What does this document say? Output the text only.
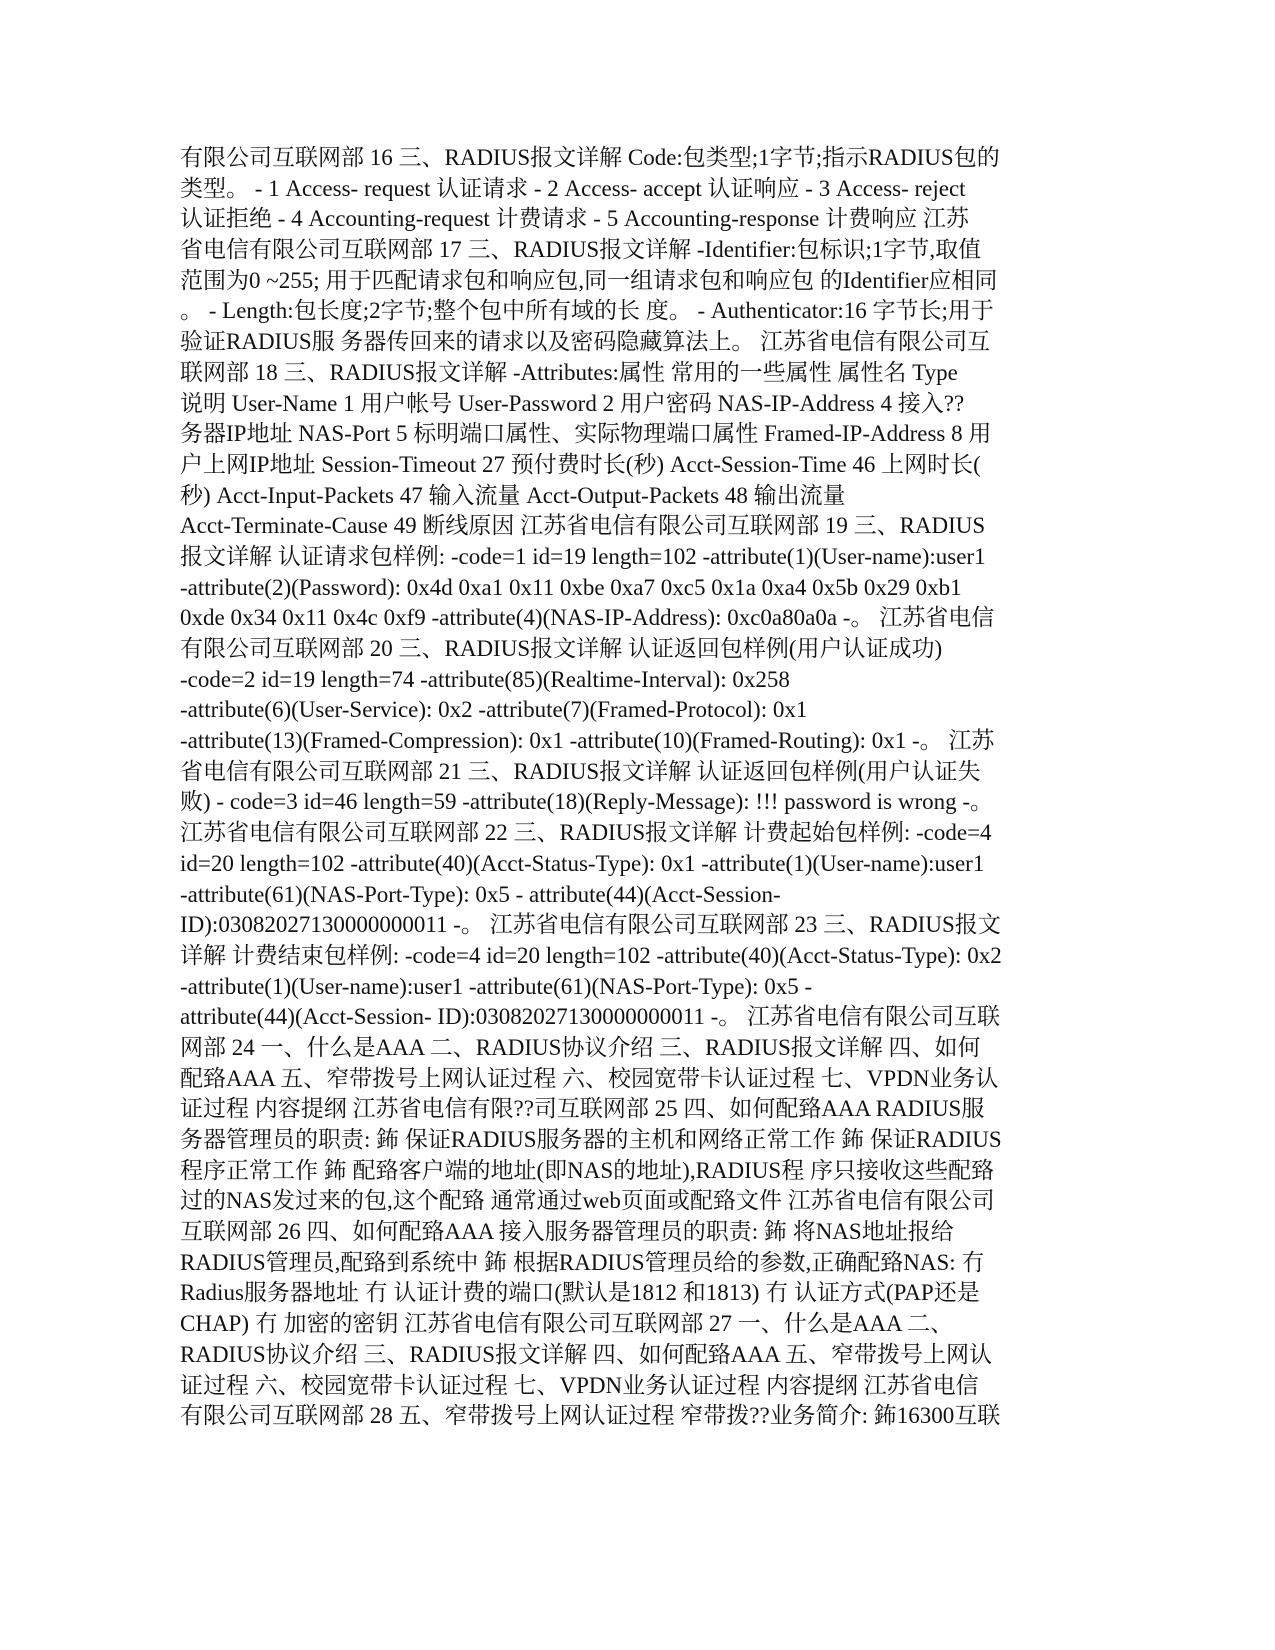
有限公司互联网部 16 三、RADIUS报文详解 Code:包类型;1字节;指示RADIUS包的
类型。 - 1 Access- request 认证请求 - 2 Access- accept 认证响应 - 3 Access- reject
认证拒绝 - 4 Accounting-request 计费请求 - 5 Accounting-response 计费响应 江苏
省电信有限公司互联网部 17 三、RADIUS报文详解 -Identifier:包标识;1字节,取值
范围为0 ~255; 用于匹配请求包和响应包,同一组请求包和响应包 的Identifier应相同
。 - Length:包长度;2字节;整个包中所有域的长 度。 - Authenticator:16 字节长;用于
验证RADIUS服 务器传回来的请求以及密码隐藏算法上。 江苏省电信有限公司互
联网部 18 三、RADIUS报文详解 -Attributes:属性 常用的一些属性 属性名 Type
说明 User-Name 1 用户帐号 User-Password 2 用户密码 NAS-IP-Address 4 接入??
务器IP地址 NAS-Port 5 标明端口属性、实际物理端口属性 Framed-IP-Address 8 用
户上网IP地址 Session-Timeout 27 预付费时长(秒) Acct-Session-Time 46 上网时长(
秒) Acct-Input-Packets 47 输入流量 Acct-Output-Packets 48 输出流量
Acct-Terminate-Cause 49 断线原因 江苏省电信有限公司互联网部 19 三、RADIUS
报文详解 认证请求包样例: -code=1 id=19 length=102 -attribute(1)(User-name):user1
-attribute(2)(Password): 0x4d 0xa1 0x11 0xbe 0xa7 0xc5 0x1a 0xa4 0x5b 0x29 0xb1
0xde 0x34 0x11 0x4c 0xf9 -attribute(4)(NAS-IP-Address): 0xc0a80a0a -。 江苏省电信
有限公司互联网部 20 三、RADIUS报文详解 认证返回包样例(用户认证成功)
-code=2 id=19 length=74 -attribute(85)(Realtime-Interval): 0x258
-attribute(6)(User-Service): 0x2 -attribute(7)(Framed-Protocol): 0x1
-attribute(13)(Framed-Compression): 0x1 -attribute(10)(Framed-Routing): 0x1 -。 江苏
省电信有限公司互联网部 21 三、RADIUS报文详解 认证返回包样例(用户认证失
败) - code=3 id=46 length=59 -attribute(18)(Reply-Message): !!! password is wrong -。
江苏省电信有限公司互联网部 22 三、RADIUS报文详解 计费起始包样例: -code=4
id=20 length=102 -attribute(40)(Acct-Status-Type): 0x1 -attribute(1)(User-name):user1
-attribute(61)(NAS-Port-Type): 0x5 - attribute(44)(Acct-Session-
ID):03082027130000000011 -。 江苏省电信有限公司互联网部 23 三、RADIUS报文
详解 计费结束包样例: -code=4 id=20 length=102 -attribute(40)(Acct-Status-Type): 0x2
-attribute(1)(User-name):user1 -attribute(61)(NAS-Port-Type): 0x5 -
attribute(44)(Acct-Session- ID):03082027130000000011 -。 江苏省电信有限公司互联
网部 24 一、什么是AAA 二、RADIUS协议介绍 三、RADIUS报文详解 四、如何
配臵AAA 五、窄带拨号上网认证过程 六、校园宽带卡认证过程 七、VPDN业务认
证过程 内容提纲 江苏省电信有限??司互联网部 25 四、如何配臵AAA RADIUS服
务器管理员的职责: 鈽 保证RADIUS服务器的主机和网络正常工作 鈽 保证RADIUS
程序正常工作 鈽 配臵客户端的地址(即NAS的地址),RADIUS程 序只接收这些配臵
过的NAS发过来的包,这个配臵 通常通过web页面或配臵文件 江苏省电信有限公司
互联网部 26 四、如何配臵AAA 接入服务器管理员的职责: 鈽 将NAS地址报给
RADIUS管理员,配臵到系统中 鈽 根据RADIUS管理员给的参数,正确配臵NAS: 冇
Radius服务器地址 冇 认证计费的端口(默认是1812 和1813) 冇 认证方式(PAP还是
CHAP) 冇 加密的密钥 江苏省电信有限公司互联网部 27 一、什么是AAA 二、
RADIUS协议介绍 三、RADIUS报文详解 四、如何配臵AAA 五、窄带拨号上网认
证过程 六、校园宽带卡认证过程 七、VPDN业务认证过程 内容提纲 江苏省电信
有限公司互联网部 28 五、窄带拨号上网认证过程 窄带拨??业务简介: 鈽16300互联
